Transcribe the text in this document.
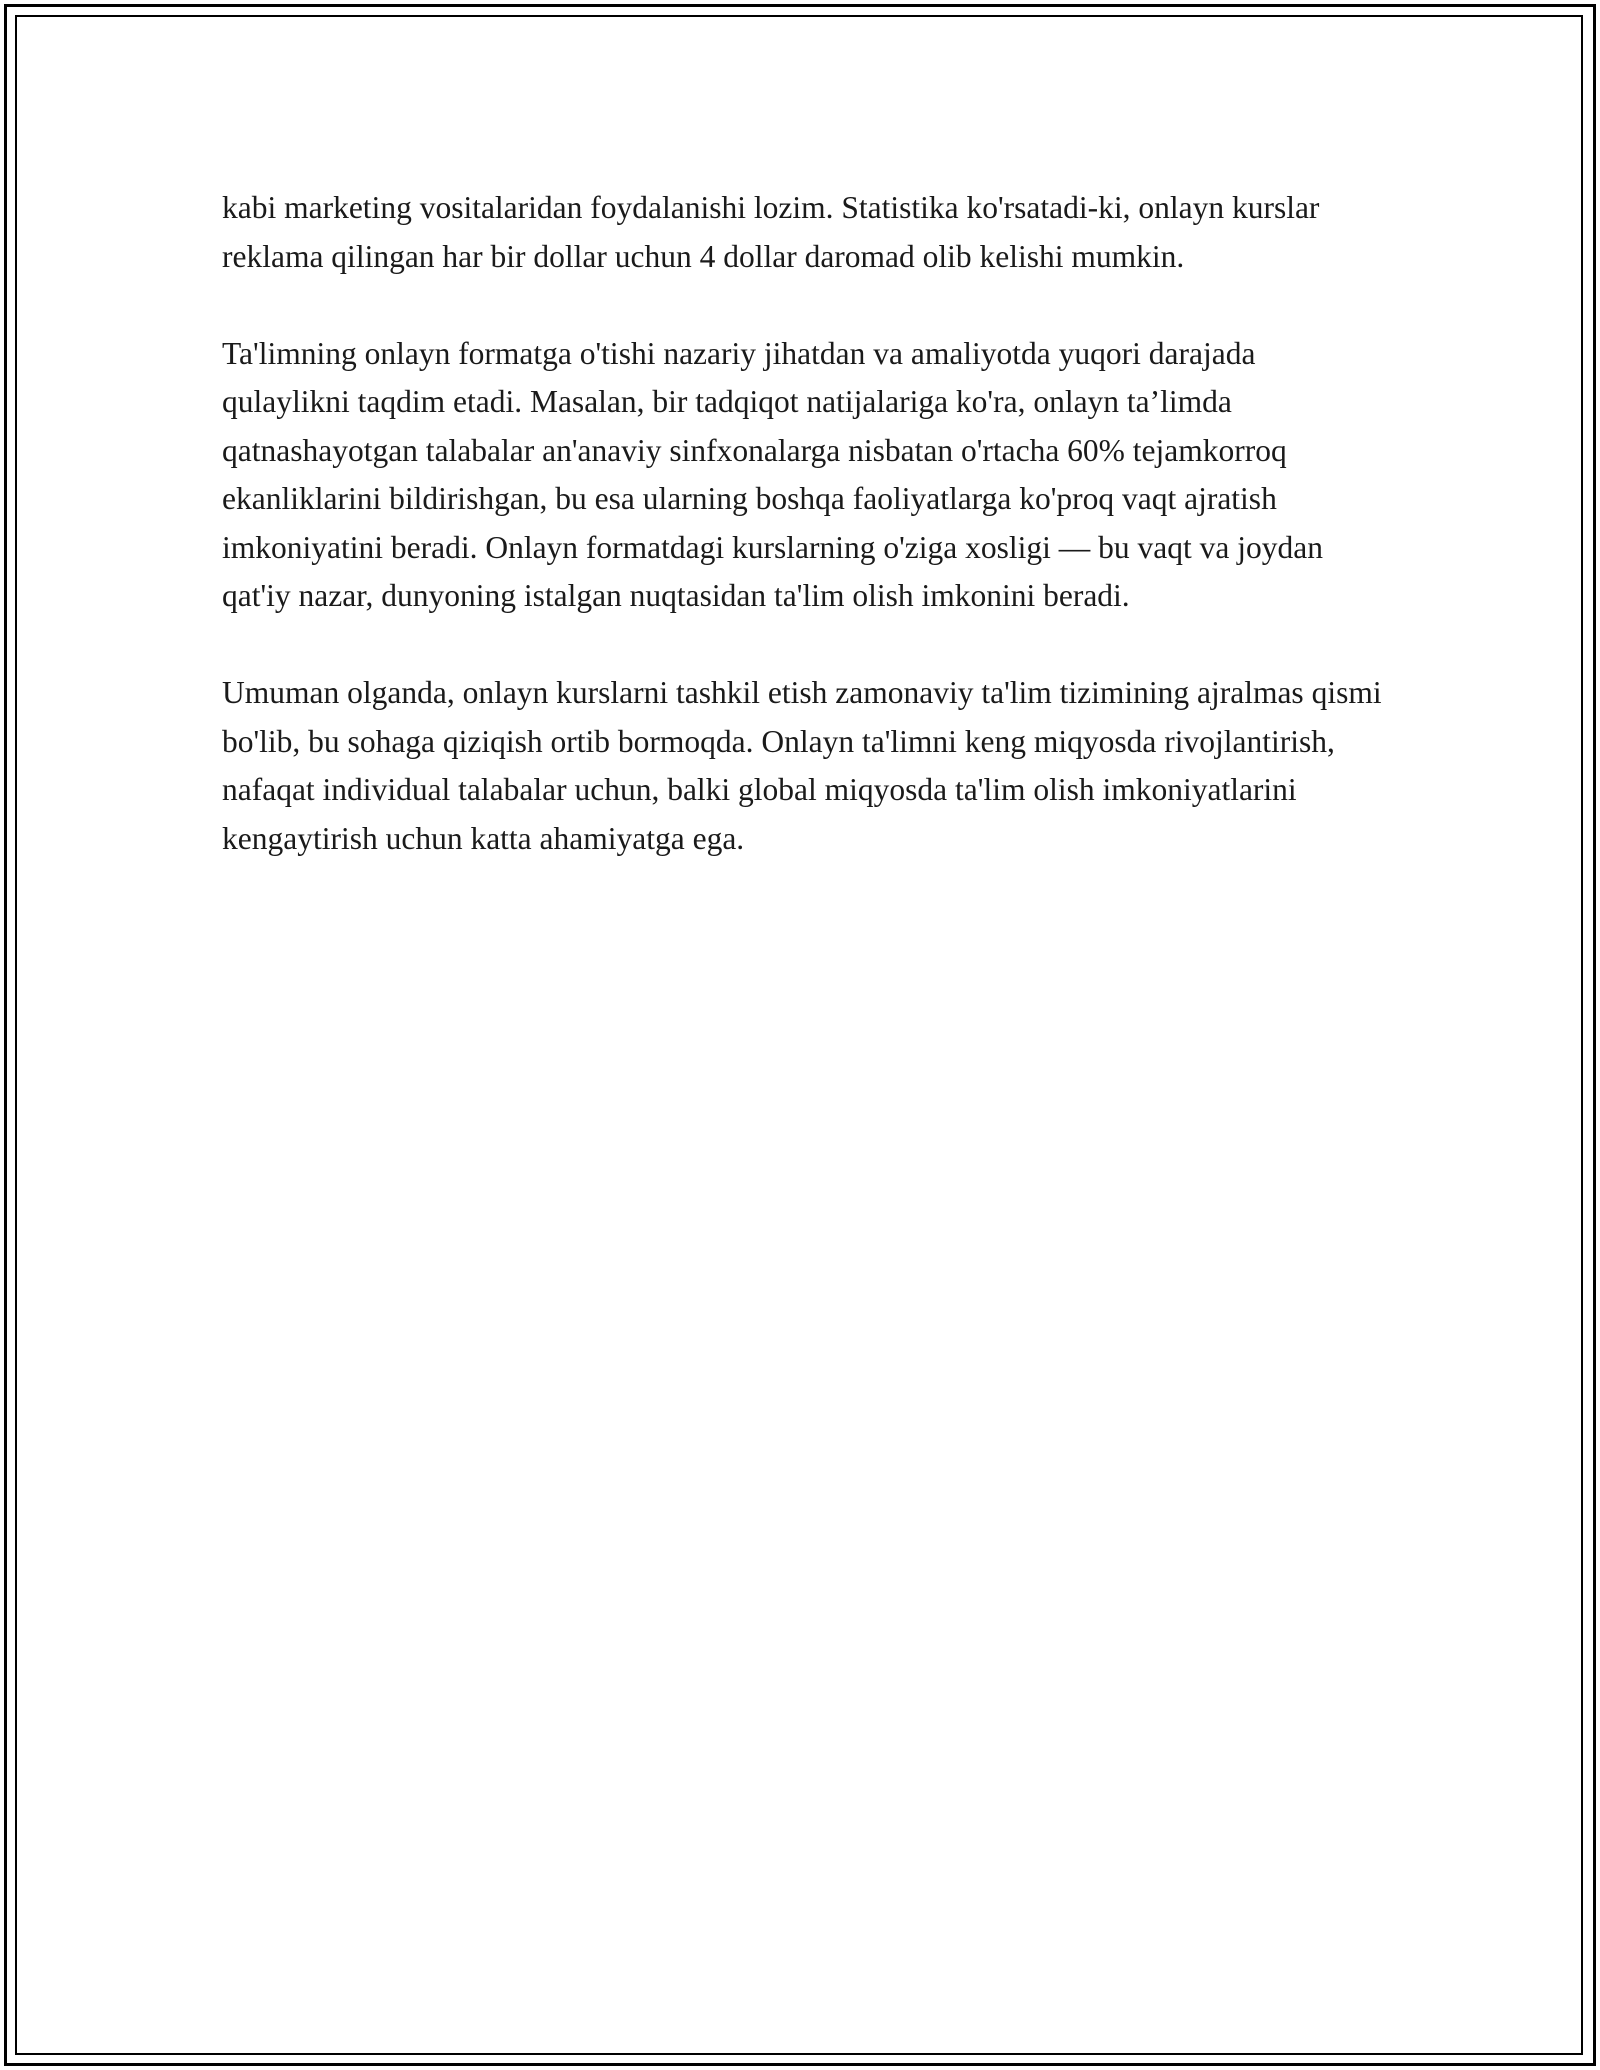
kabi marketing vositalaridan foydalanishi lozim. Statistika ko'rsatadi-ki, onlayn kurslar reklama qilingan har bir dollar uchun 4 dollar daromad olib kelishi mumkin.

Ta'limning onlayn formatga o'tishi nazariy jihatdan va amaliyotda yuqori darajada qulaylikni taqdim etadi. Masalan, bir tadqiqot natijalariga ko'ra, onlayn ta’limda qatnashayotgan talabalar an'anaviy sinfxonalarga nisbatan o'rtacha 60% tejamkorroq ekanliklarini bildirishgan, bu esa ularning boshqa faoliyatlarga ko'proq vaqt ajratish imkoniyatini beradi. Onlayn formatdagi kurslarning o'ziga xosligi — bu vaqt va joydan qat'iy nazar, dunyoning istalgan nuqtasidan ta'lim olish imkonini beradi.

Umuman olganda, onlayn kurslarni tashkil etish zamonaviy ta'lim tizimining ajralmas qismi bo'lib, bu sohaga qiziqish ortib bormoqda. Onlayn ta'limni keng miqyosda rivojlantirish, nafaqat individual talabalar uchun, balki global miqyosda ta'lim olish imkoniyatlarini kengaytirish uchun katta ahamiyatga ega.
